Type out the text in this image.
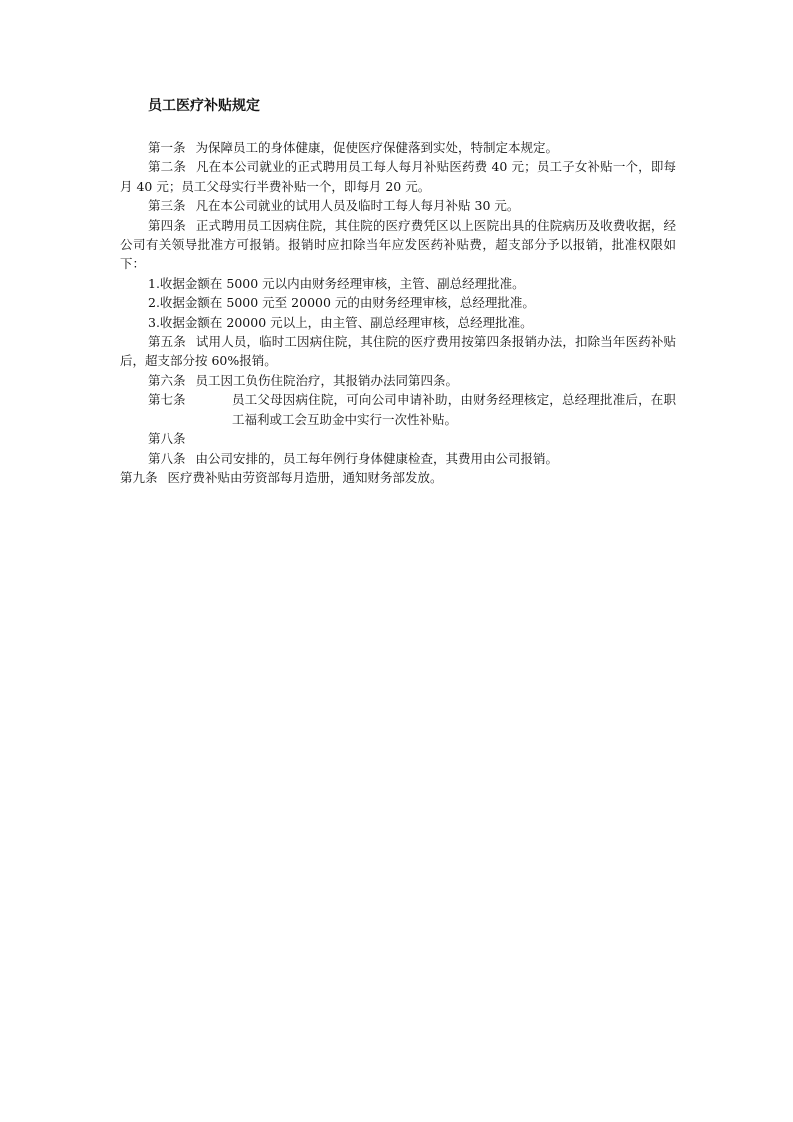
员工医疗补贴规定

第一条 为保障员工的身体健康，促使医疗保健落到实处，特制定本规定。

第二条 凡在本公司就业的正式聘用员工每人每月补贴医药费 40 元；员工子女补贴一个，即每月 40 元；员工父母实行半费补贴一个，即每月 20 元。

第三条 凡在本公司就业的试用人员及临时工每人每月补贴 30 元。

第四条 正式聘用员工因病住院，其住院的医疗费凭区以上医院出具的住院病历及收费收据，经公司有关领导批准方可报销。报销时应扣除当年应发医药补贴费，超支部分予以报销，批准权限如下：

1.收据金额在 5000 元以内由财务经理审核，主管、副总经理批准。

2.收据金额在 5000 元至 20000 元的由财务经理审核，总经理批准。

3.收据金额在 20000 元以上，由主管、副总经理审核，总经理批准。

第五条 试用人员，临时工因病住院，其住院的医疗费用按第四条报销办法，扣除当年医药补贴后，超支部分按 60%报销。

第六条 员工因工负伤住院治疗，其报销办法同第四条。

第七条	员工父母因病住院，可向公司申请补助，由财务经理核定，总经理批准后，在职工福利或工会互助金中实行一次性补贴。

第八条

第八条 由公司安排的，员工每年例行身体健康检查，其费用由公司报销。

第九条 医疗费补贴由劳资部每月造册，通知财务部发放。
